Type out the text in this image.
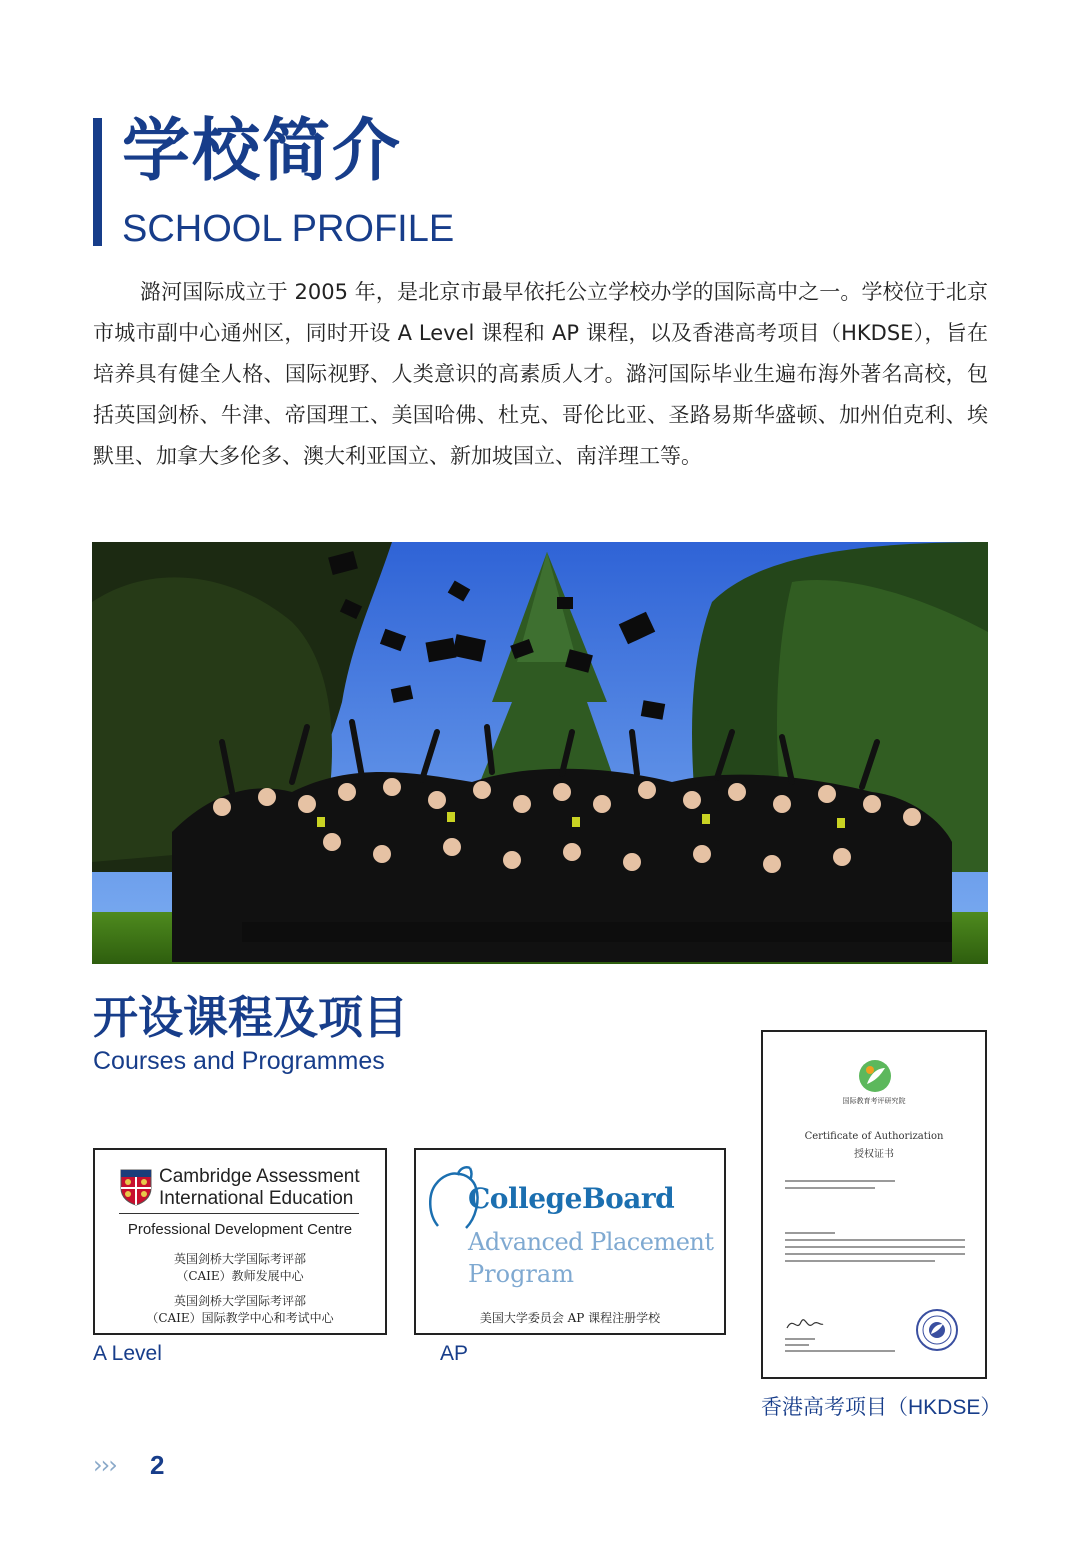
学校简介
SCHOOL PROFILE

潞河国际成立于 2005 年，是北京市最早依托公立学校办学的国际高中之一。学校位于北京市城市副中心通州区，同时开设 A Level 课程和 AP 课程，以及香港高考项目（HKDSE），旨在培养具有健全人格、国际视野、人类意识的高素质人才。潞河国际毕业生遍布海外著名高校，包括英国剑桥、牛津、帝国理工、美国哈佛、杜克、哥伦比亚、圣路易斯华盛顿、加州伯克利、埃默里、加拿大多伦多、澳大利亚国立、新加坡国立、南洋理工等。

开设课程及项目
Courses and Programmes
Cambridge Assessment
International Education
Professional Development Centre
英国剑桥大学国际考评部
（CAIE）教师发展中心
英国剑桥大学国际考评部
（CAIE）国际教学中心和考试中心
A Level
CollegeBoard
Advanced Placement
Program
美国大学委员会 AP 课程注册学校
AP
国际教育考评研究院
Certificate of Authorization
授权证书
香港高考项目（HKDSE）
››› 2
